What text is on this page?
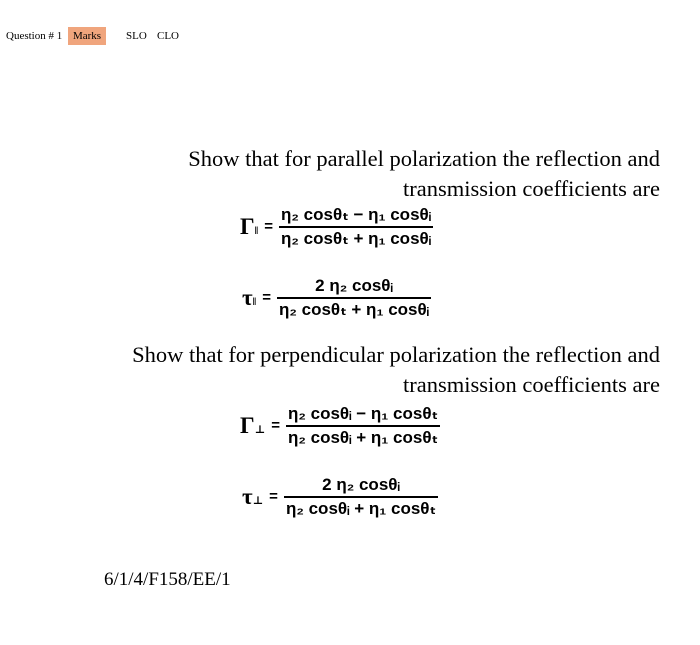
Question # 1 Marks	SLO CLO
Show that for parallel polarization the reflection and
transmission coefficients are
Γ ‖ = $\frac{\text{η₂ cosθₜ − η₁ cosθᵢ}}{\text{η₂ cosθₜ + η₁ cosθᵢ}}$
τ ‖ = $\frac{\text{2 η₂ cosθᵢ}}{\text{η₂ cosθₜ + η₁ cosθᵢ}}$
Show that for perpendicular polarization the reflection and
transmission coefficients are
Γ ⊥ = $\frac{\text{η₂ cosθᵢ − η₁ cosθₜ}}{\text{η₂ cosθᵢ + η₁ cosθₜ}}$
τ ⊥ = $\frac{\text{2 η₂ cosθᵢ}}{\text{η₂ cosθᵢ + η₁ cosθₜ}}$
6/1/4/F158/EE/1
